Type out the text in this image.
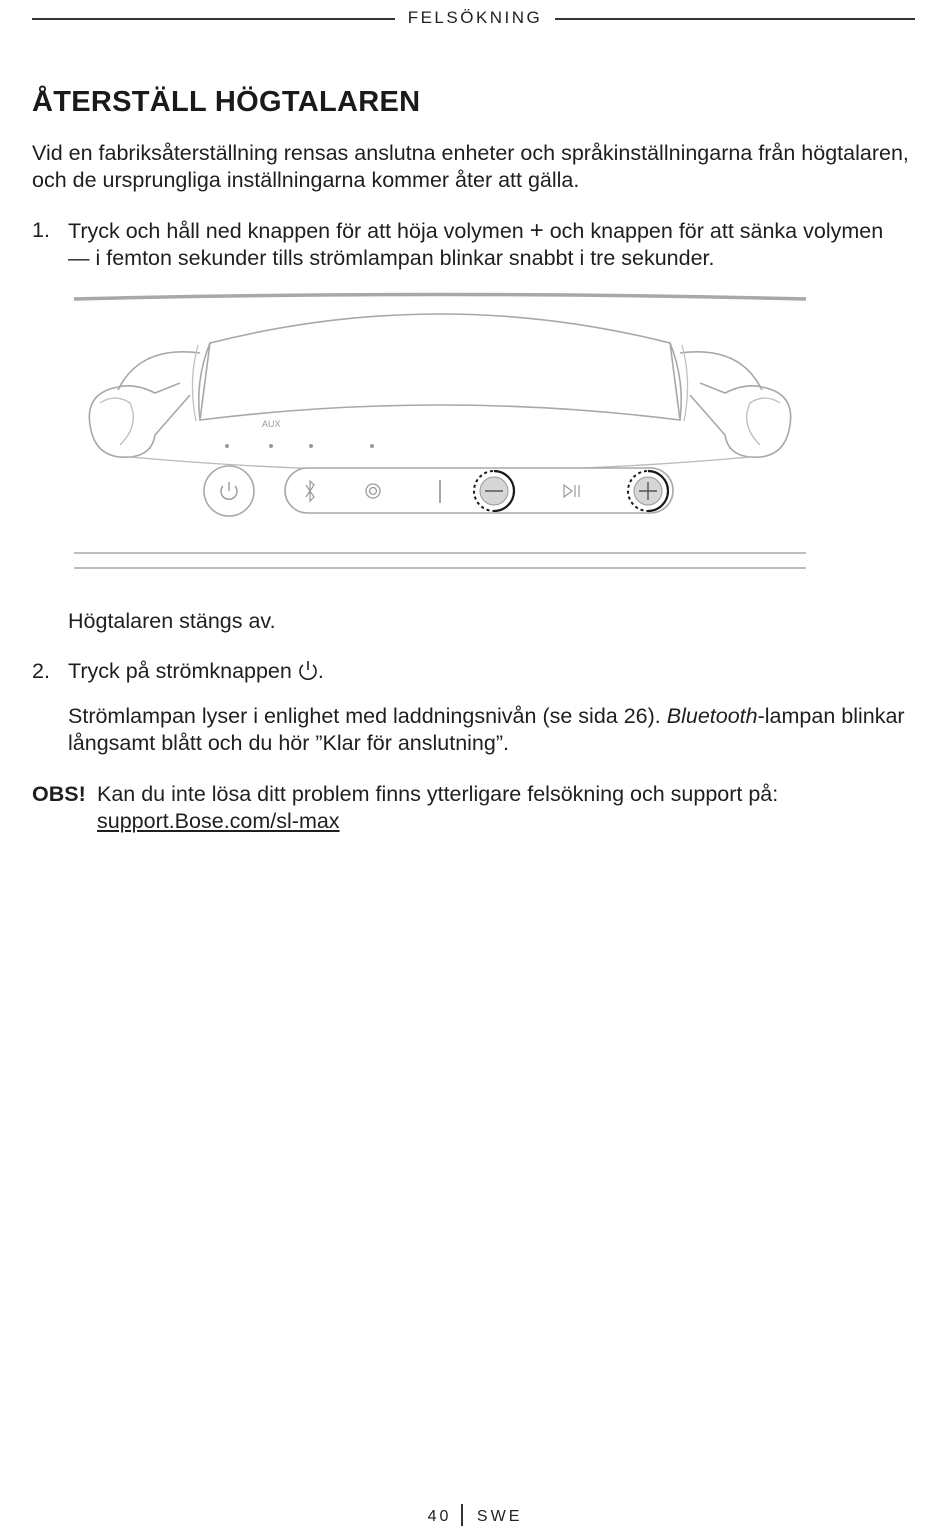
FELSÖKNING
ÅTERSTÄLL HÖGTALAREN

Vid en fabriksåterställning rensas anslutna enheter och språkinställningarna från högtalaren, och de ursprungliga inställningarna kommer åter att gälla.

1. Tryck och håll ned knappen för att höja volymen + och knappen för att sänka volymen — i femton sekunder tills strömlampan blinkar snabbt i tre sekunder.
AUX

Högtalaren stängs av.

2. Tryck på strömknappen .

Strömlampan lyser i enlighet med laddningsnivån (se sida 26). Bluetooth-lampan blinkar långsamt blått och du hör ”Klar för anslutning”.

OBS! Kan du inte lösa ditt problem finns ytterligare felsökning och support på:
support.Bose.com/sl-max
40 SWE
